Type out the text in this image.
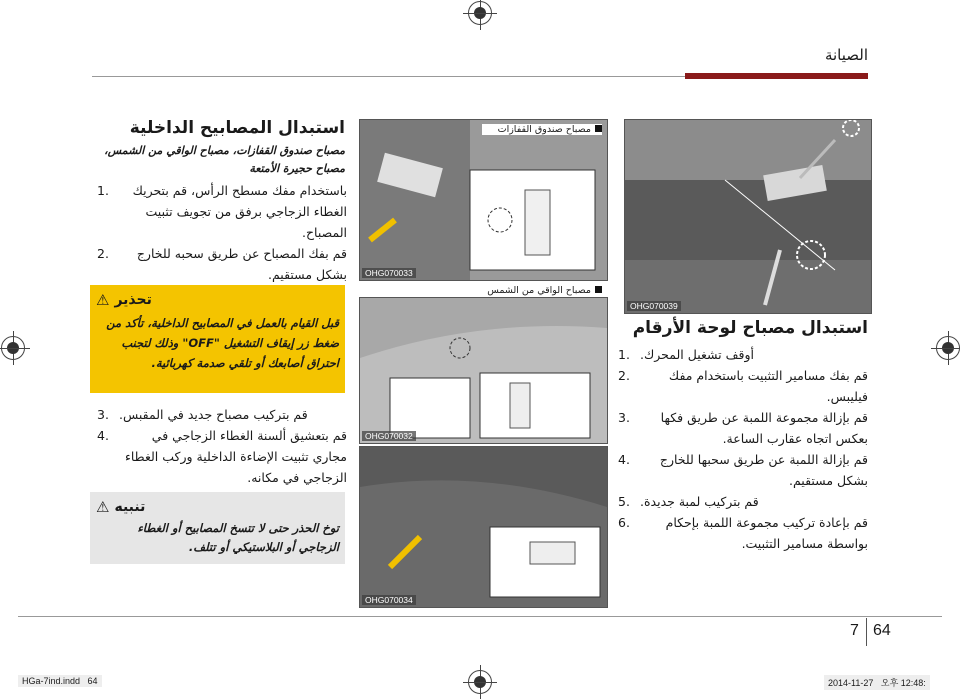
الصيانة
OHG070039
استبدال مصباح لوحة الأرقام
.1 أوقف تشغيل المحرك.
.2	قم بفك مسامير التثبيت باستخدام مفك فيليبس.
.3	قم بإزالة مجموعة اللمبة عن طريق فكها بعكس اتجاه عقارب الساعة.
.4	قم بإزالة اللمبة عن طريق سحبها للخارج بشكل مستقيم.
.5 قم بتركيب لمبة جديدة.
.6	قم بإعادة تركيب مجموعة اللمبة بإحكام بواسطة مسامير التثبيت.
مصباح صندوق القفازات
OHG070033
مصباح الواقي من الشمس
OHG070032
OHG070034
استبدال المصابيح الداخلية
مصباح صندوق القفازات، مصباح الواقي من الشمس،
مصباح حجيرة الأمتعة
.1	باستخدام مفك مسطح الرأس، قم بتحريك الغطاء الزجاجي برفق من تجويف تثبيت المصباح.
.2	قم بفك المصباح عن طريق سحبه للخارج بشكل مستقيم.
⚠ تحذير
قبل القيام بالعمل في المصابيح الداخلية، تأكد من ضغط زر إيقاف التشغيل "OFF" وذلك لتجنب احتراق أصابعك أو تلقي صدمة كهربائية.
.3 قم بتركيب مصباح جديد في المقبس.
.4	قم بتعشيق ألسنة الغطاء الزجاجي في مجاري تثبيت الإضاءة الداخلية وركب الغطاء الزجاجي في مكانه.
⚠ تنبيه
توخ الحذر حتى لا تتسخ المصابيح أو الغطاء الزجاجي أو البلاستيكي أو تتلف.
7 64
HGa-7ind.indd   64	2014-11-27   오후 12:48:
